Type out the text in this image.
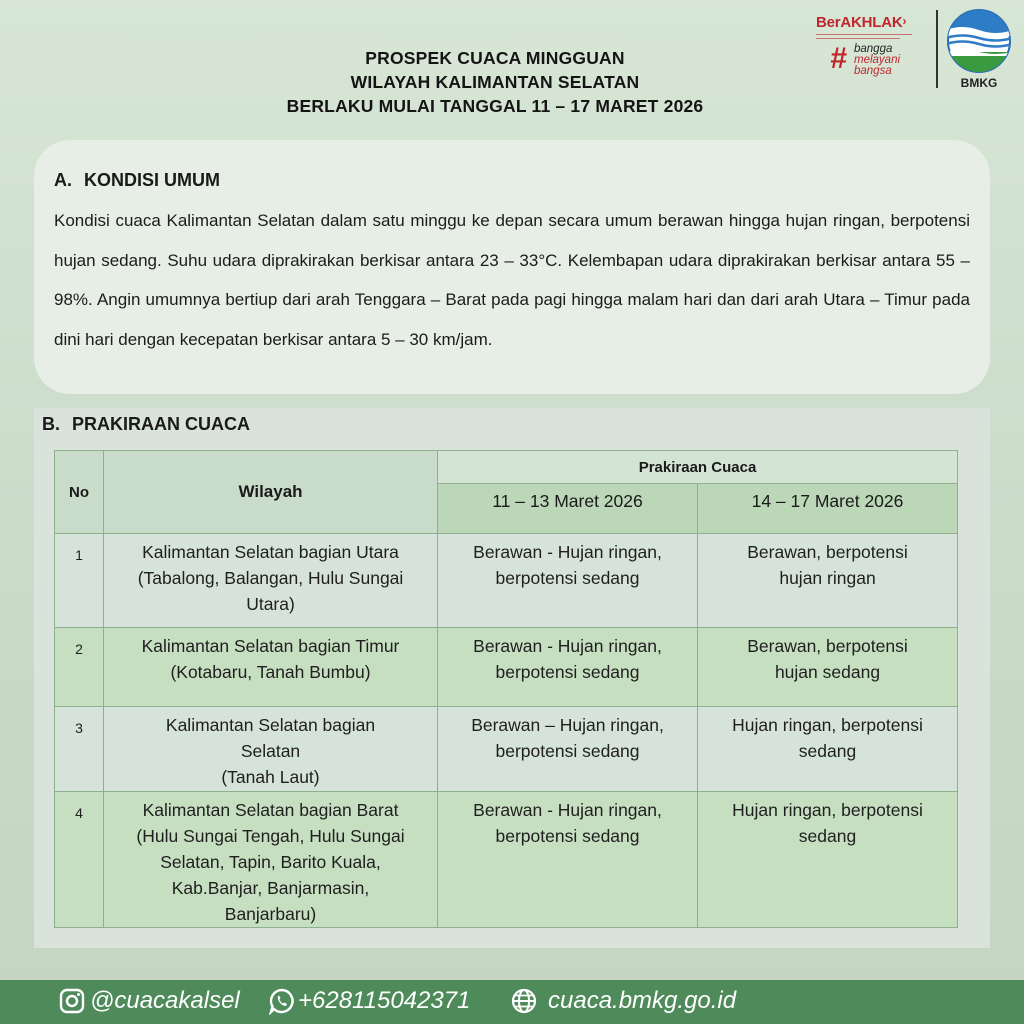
PROSPEK CUACA MINGGUAN
WILAYAH KALIMANTAN SELATAN
BERLAKU MULAI TANGGAL 11 – 17 MARET 2026
BerAKHLAK›
# bangga
melayani
bangsa
BMKG
A. KONDISI UMUM
Kondisi cuaca Kalimantan Selatan dalam satu minggu ke depan secara umum berawan hingga hujan ringan, berpotensi hujan sedang. Suhu udara diprakirakan berkisar antara 23 – 33°C. Kelembapan udara diprakirakan berkisar antara 55 – 98%. Angin umumnya bertiup dari arah Tenggara – Barat pada pagi hingga malam hari dan dari arah Utara – Timur pada dini hari dengan kecepatan berkisar antara 5 – 30 km/jam.
B. PRAKIRAAN CUACA
No	Wilayah	Prakiraan Cuaca	
		11 – 13 Maret 2026	14 – 17 Maret 2026
1	Kalimantan Selatan bagian Utara (Tabalong, Balangan, Hulu Sungai Utara)	Berawan - Hujan ringan, berpotensi sedang	Berawan, berpotensi hujan ringan
2	Kalimantan Selatan bagian Timur (Kotabaru, Tanah Bumbu)	Berawan - Hujan ringan, berpotensi sedang	Berawan, berpotensi hujan sedang
3	Kalimantan Selatan bagian Selatan
(Tanah Laut)	Berawan – Hujan ringan, berpotensi sedang	Hujan ringan, berpotensi sedang
4	Kalimantan Selatan bagian Barat (Hulu Sungai Tengah, Hulu Sungai Selatan, Tapin, Barito Kuala, Kab.Banjar, Banjarmasin, Banjarbaru)	Berawan - Hujan ringan, berpotensi sedang	Hujan ringan, berpotensi sedang
@cuacakalsel +628115042371	cuaca.bmkg.go.id
